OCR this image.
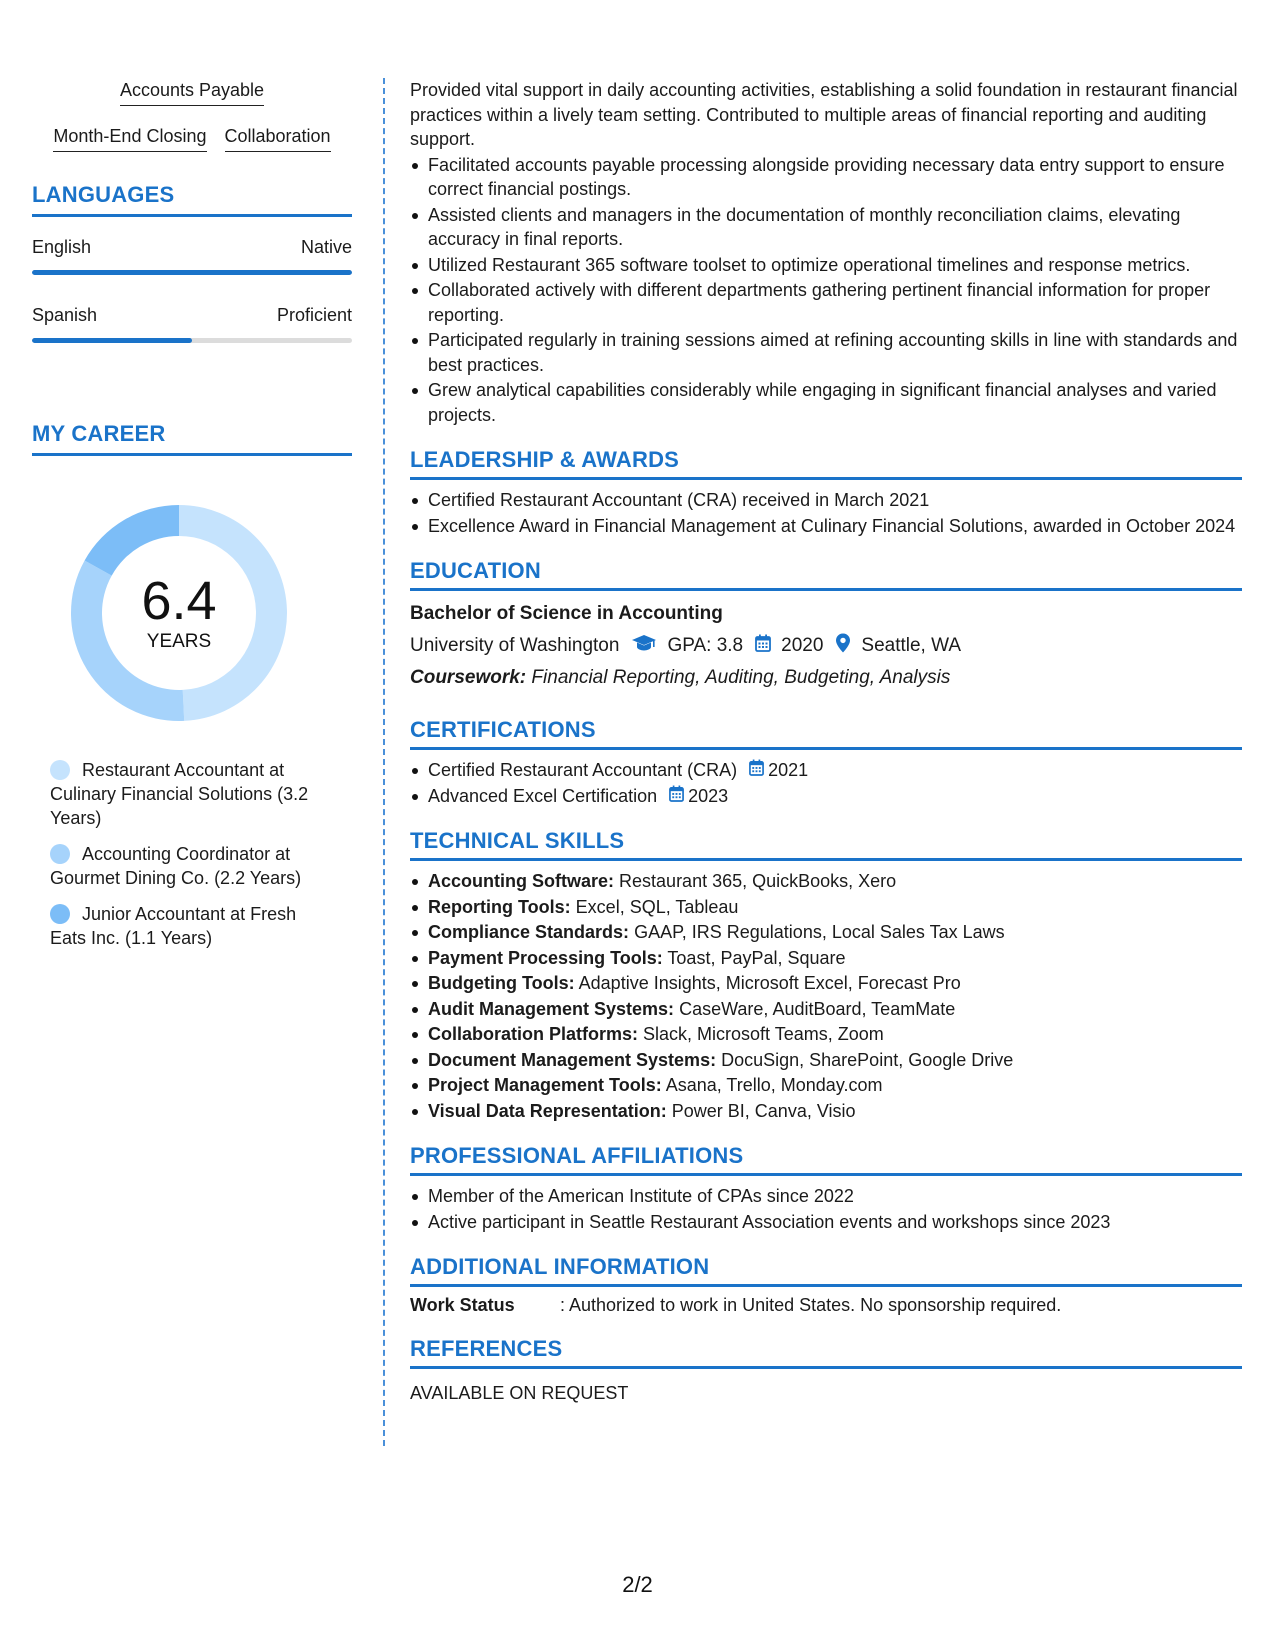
Accounts Payable
Month-End Closing Collaboration
LANGUAGES
English	Native
Spanish	Proficient
MY CAREER
6.4
YEARS
Restaurant Accountant at Culinary Financial Solutions (3.2 Years)
Accounting Coordinator at Gourmet Dining Co. (2.2 Years)
Junior Accountant at Fresh Eats Inc. (1.1 Years)
Provided vital support in daily accounting activities, establishing a solid foundation in restaurant financial practices within a lively team setting. Contributed to multiple areas of financial reporting and auditing support.
Facilitated accounts payable processing alongside providing necessary data entry support to ensure correct financial postings.
Assisted clients and managers in the documentation of monthly reconciliation claims, elevating accuracy in final reports.
Utilized Restaurant 365 software toolset to optimize operational timelines and response metrics.
Collaborated actively with different departments gathering pertinent financial information for proper reporting.
Participated regularly in training sessions aimed at refining accounting skills in line with standards and best practices.
Grew analytical capabilities considerably while engaging in significant financial analyses and varied projects.
LEADERSHIP & AWARDS
Certified Restaurant Accountant (CRA) received in March 2021
Excellence Award in Financial Management at Culinary Financial Solutions, awarded in October 2024
EDUCATION
Bachelor of Science in Accounting
University of Washington	GPA: 3.8 2020 Seattle, WA
Coursework: Financial Reporting, Auditing, Budgeting, Analysis
CERTIFICATIONS
Certified Restaurant Accountant (CRA) 2021
Advanced Excel Certification 2023
TECHNICAL SKILLS
Accounting Software: Restaurant 365, QuickBooks, Xero
Reporting Tools: Excel, SQL, Tableau
Compliance Standards: GAAP, IRS Regulations, Local Sales Tax Laws
Payment Processing Tools: Toast, PayPal, Square
Budgeting Tools: Adaptive Insights, Microsoft Excel, Forecast Pro
Audit Management Systems: CaseWare, AuditBoard, TeamMate
Collaboration Platforms: Slack, Microsoft Teams, Zoom
Document Management Systems: DocuSign, SharePoint, Google Drive
Project Management Tools: Asana, Trello, Monday.com
Visual Data Representation: Power BI, Canva, Visio
PROFESSIONAL AFFILIATIONS
Member of the American Institute of CPAs since 2022
Active participant in Seattle Restaurant Association events and workshops since 2023
ADDITIONAL INFORMATION
Work Status	: Authorized to work in United States. No sponsorship required.
REFERENCES
AVAILABLE ON REQUEST
2/2
